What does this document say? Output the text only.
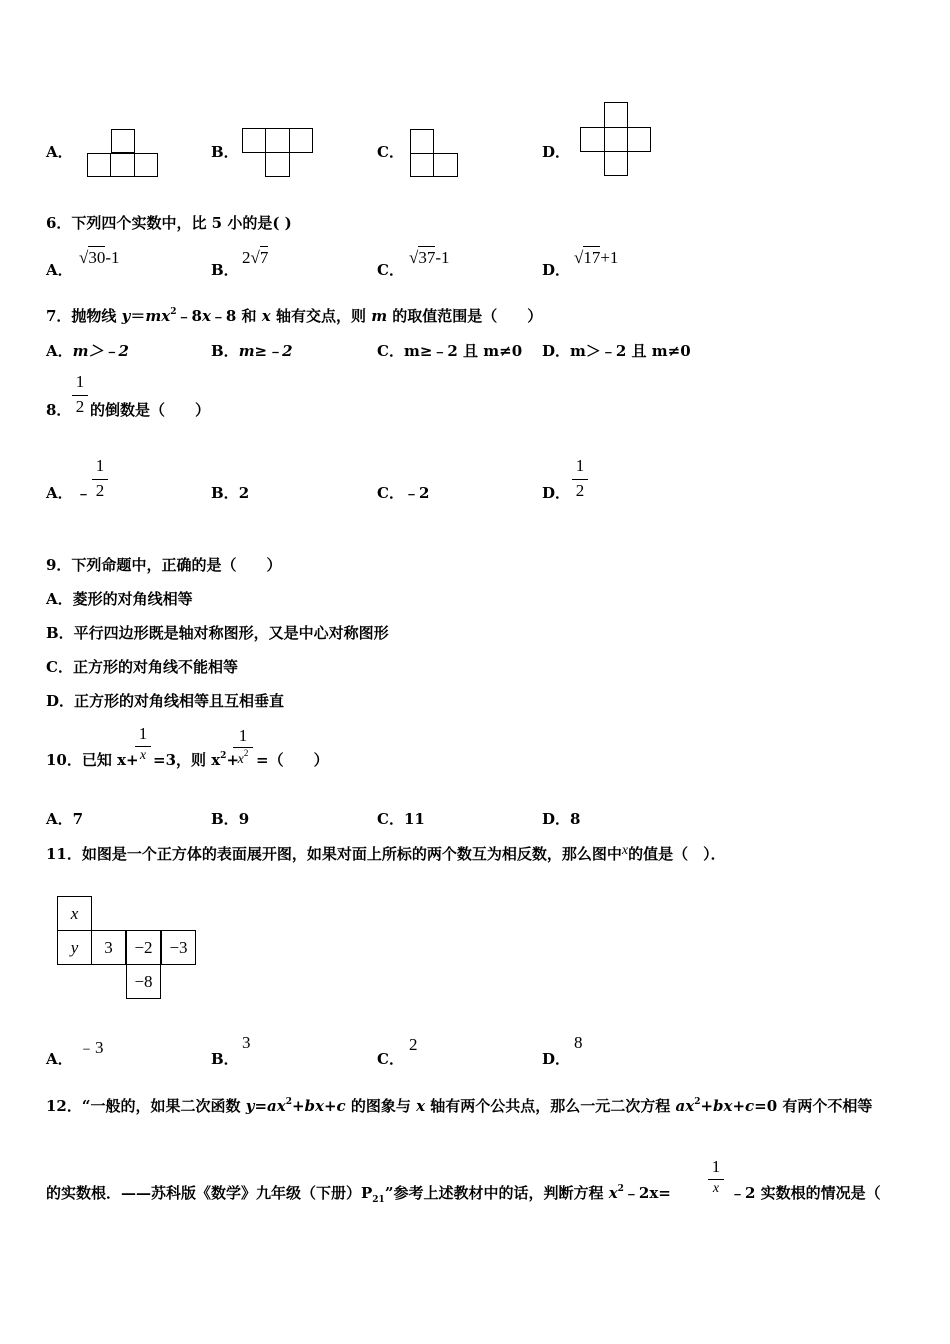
A．	B．	C．	D．
6．下列四个实数中，比 5 小的是( )
A．
√30-1
B．
2√7
C．
√37-1
D．
√17+1
7．抛物线 $y=mx^2﹣8x﹣8$ 和 x 轴有交点，则 m 的取值范围是（　　）
A．m＞﹣2	B．m≥﹣2	C．m≥﹣2 且 m≠0 D．m＞﹣2 且 m≠0
8．
1
2 的倒数是（　　）
A． ﹣
1
2	B．2	C．﹣2	D．
1
2
9．下列命题中，正确的是（　　）
A．菱形的对角线相等
B．平行四边形既是轴对称图形，又是中心对称图形
C．正方形的对角线不能相等
D．正方形的对角线相等且互相垂直
10．已知 x+
1
x =3，则 $x^2+$
1
$x^2$ =（　　）
A．7	B．9	C．11	D．8
11．如图是一个正方体的表面展开图，如果对面上所标的两个数互为相反数，那么图中x的值是（　）．
x
y	3	−2 −3
−8
A．
﹣3
B．
3
C．
2
D．
8
12．“一般的，如果二次函数 $y=ax^2+bx+c$ 的图象与 x 轴有两个公共点，那么一元二次方程 $ax^2+bx+c=0$ 有两个不相等
的实数根．——苏科版《数学》九年级（下册）$P_{21}$”参考上述教材中的话，判断方程 $x^2﹣2x=$
1
x ﹣2 实数根的情况是（
